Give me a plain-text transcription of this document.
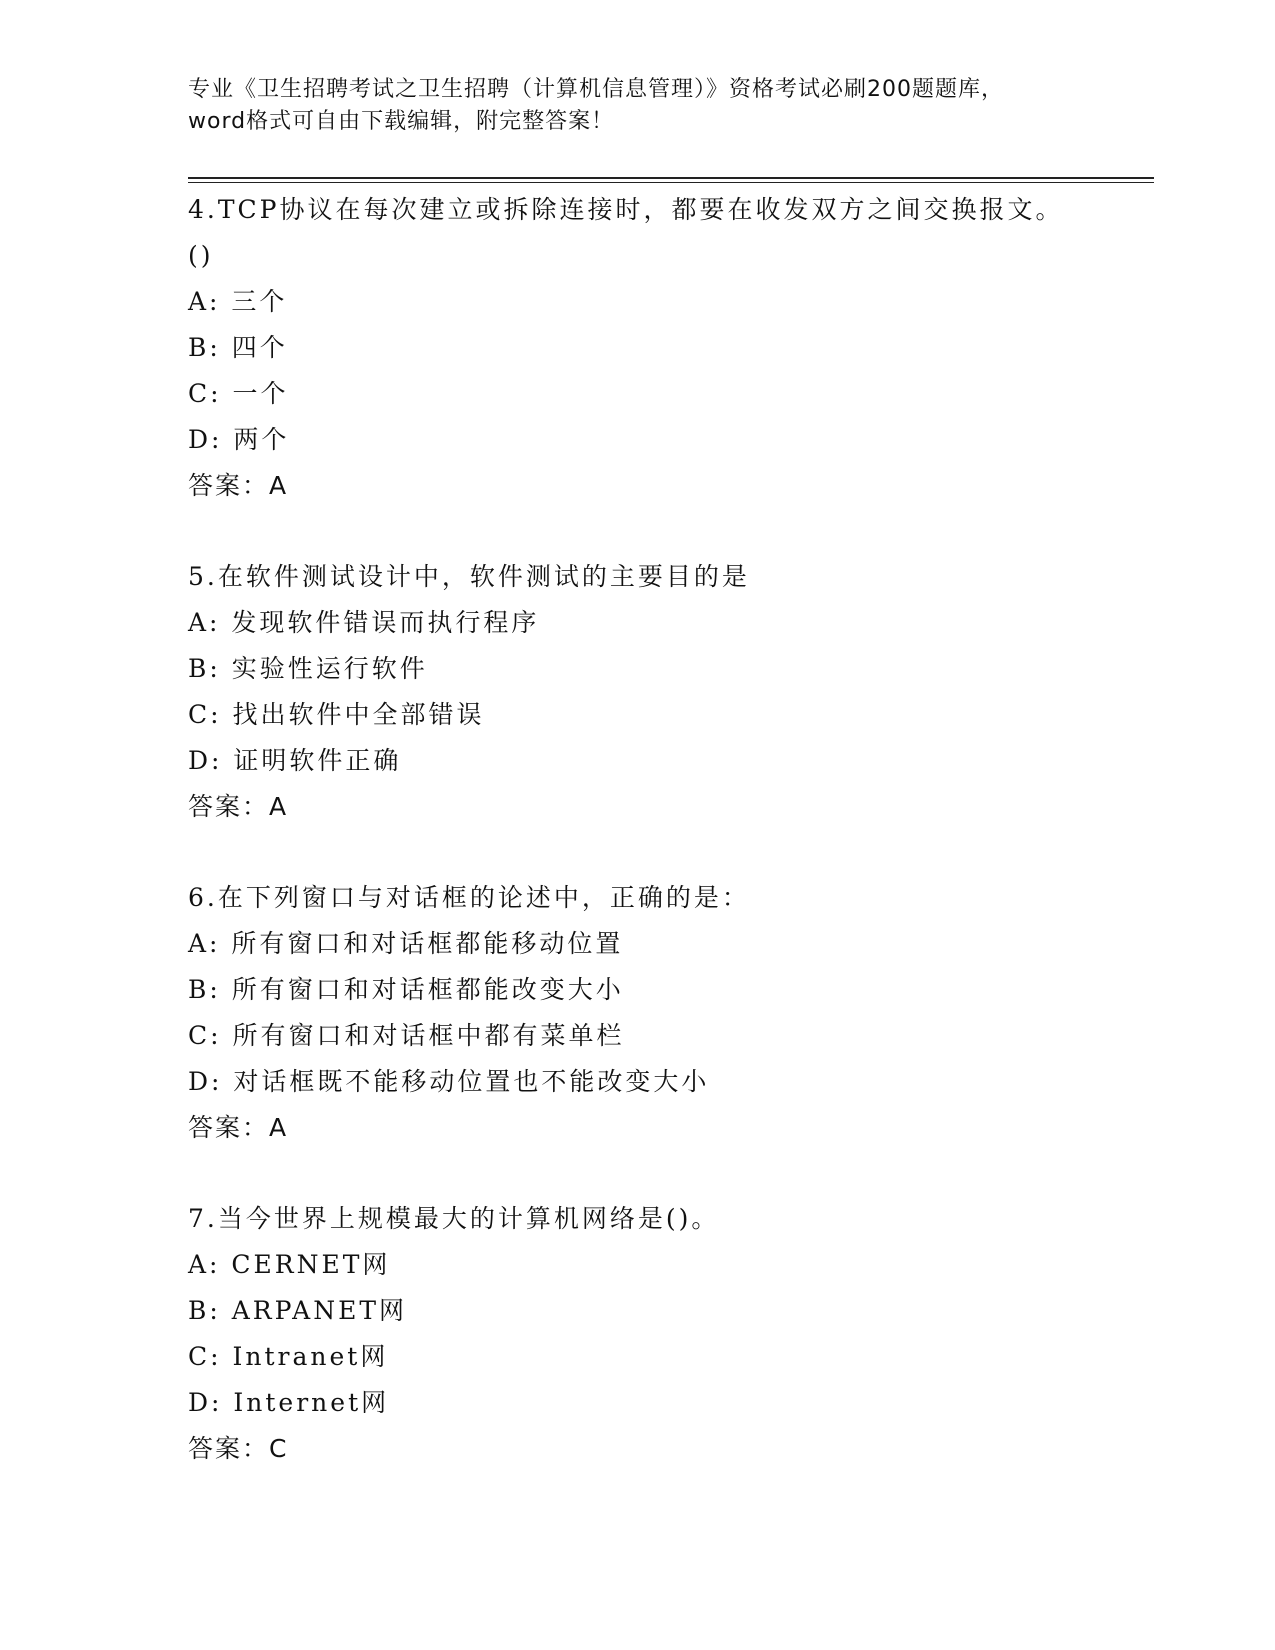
专业《卫生招聘考试之卫生招聘（计算机信息管理）》资格考试必刷200题题库，
word格式可自由下载编辑，附完整答案！
4.TCP协议在每次建立或拆除连接时，都要在收发双方之间交换报文。
()
A: 三个
B: 四个
C: 一个
D: 两个
答案：A
5.在软件测试设计中，软件测试的主要目的是
A: 发现软件错误而执行程序
B: 实验性运行软件
C: 找出软件中全部错误
D: 证明软件正确
答案：A
6.在下列窗口与对话框的论述中，正确的是：
A: 所有窗口和对话框都能移动位置
B: 所有窗口和对话框都能改变大小
C: 所有窗口和对话框中都有菜单栏
D: 对话框既不能移动位置也不能改变大小
答案：A
7.当今世界上规模最大的计算机网络是()。
A: CERNET网
B: ARPANET网
C: Intranet网
D: Internet网
答案：C
